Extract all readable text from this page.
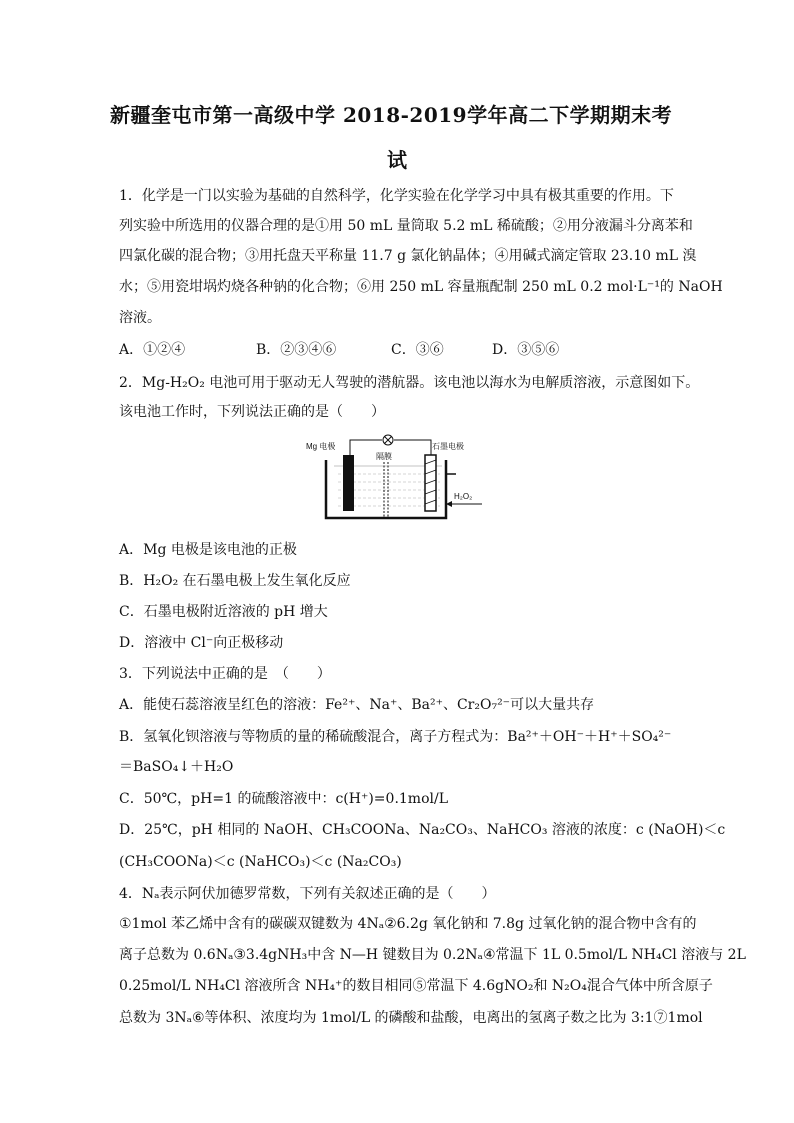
新疆奎屯市第一高级中学 2018-2019学年高二下学期期末考
试
1．化学是一门以实验为基础的自然科学，化学实验在化学学习中具有极其重要的作用。下
列实验中所选用的仪器合理的是①用 50 mL 量筒取 5.2 mL 稀硫酸；②用分液漏斗分离苯和
四氯化碳的混合物；③用托盘天平称量 11.7 g 氯化钠晶体；④用碱式滴定管取 23.10 mL 溴
水；⑤用瓷坩埚灼烧各种钠的化合物；⑥用 250 mL 容量瓶配制 250 mL 0.2 mol·L⁻¹的 NaOH
溶液。
A．①②④	B．②③④⑥	C．③⑥	D．③⑤⑥
2．Mg-H₂O₂ 电池可用于驱动无人驾驶的潜航器。该电池以海水为电解质溶液，示意图如下。
该电池工作时，下列说法正确的是（　　）
Mg 电极
隔膜
石墨电极
H₂O₂
A．Mg 电极是该电池的正极
B．H₂O₂ 在石墨电极上发生氧化反应
C．石墨电极附近溶液的 pH 增大
D．溶液中 Cl⁻向正极移动
3．下列说法中正确的是　（　　）
A．能使石蕊溶液呈红色的溶液：Fe²⁺、Na⁺、Ba²⁺、Cr₂O₇²⁻可以大量共存
B．氢氧化钡溶液与等物质的量的稀硫酸混合，离子方程式为：Ba²⁺＋OH⁻＋H⁺＋SO₄²⁻
＝BaSO₄↓＋H₂O
C．50℃，pH=1 的硫酸溶液中：c(H⁺)=0.1mol/L
D．25℃，pH 相同的 NaOH、CH₃COONa、Na₂CO₃、NaHCO₃ 溶液的浓度：c (NaOH)＜c
(CH₃COONa)＜c (NaHCO₃)＜c (Na₂CO₃)
4．Nₐ表示阿伏加德罗常数，下列有关叙述正确的是（　　）
①1mol 苯乙烯中含有的碳碳双键数为 4Nₐ②6.2g 氧化钠和 7.8g 过氧化钠的混合物中含有的
离子总数为 0.6Nₐ③3.4gNH₃中含 N—H 键数目为 0.2Nₐ④常温下 1L 0.5mol/L NH₄Cl 溶液与 2L
0.25mol/L NH₄Cl 溶液所含 NH₄⁺的数目相同⑤常温下 4.6gNO₂和 N₂O₄混合气体中所含原子
总数为 3Nₐ⑥等体积、浓度均为 1mol/L 的磷酸和盐酸，电离出的氢离子数之比为 3:1⑦1mol
